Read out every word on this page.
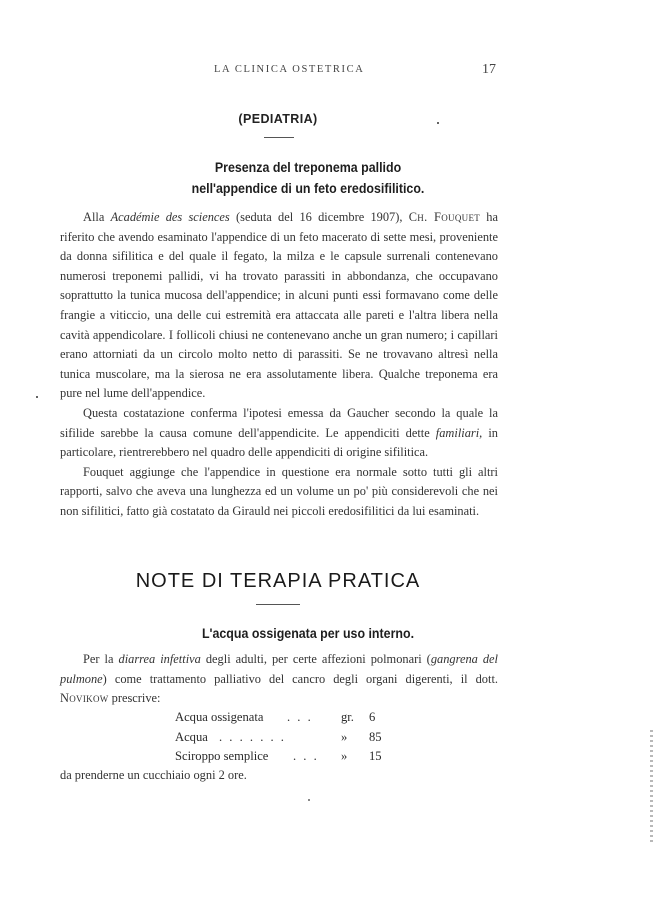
LA CLINICA OSTETRICA	17
(PEDIATRIA)
Presenza del treponema pallido
nell'appendice di un feto eredosifilitico.

Alla Académie des sciences (seduta del 16 dicembre 1907), Ch. Fouquet ha riferito che avendo esaminato l'appendice di un feto macerato di sette mesi, proveniente da donna sifilitica e del quale il fegato, la milza e le capsule surrenali contenevano numerosi treponemi pallidi, vi ha trovato parassiti in abbondanza, che occupavano soprattutto la tunica mucosa dell'appendice; in alcuni punti essi formavano come delle frangie a viticcio, una delle cui estremità era attaccata alle pareti e l'altra libera nella cavità appendicolare. I follicoli chiusi ne contenevano anche un gran numero; i capillari erano attorniati da un circolo molto netto di parassiti. Se ne trovavano altresì nella tunica muscolare, ma la sierosa ne era assolutamente libera. Qualche treponema era pure nel lume dell'appendice.

Questa costatazione conferma l'ipotesi emessa da Gaucher secondo la quale la sifilide sarebbe la causa comune dell'appendicite. Le appendiciti dette familiari, in particolare, rientrerebbero nel quadro delle appendiciti di origine sifilitica.

Fouquet aggiunge che l'appendice in questione era normale sotto tutti gli altri rapporti, salvo che aveva una lunghezza ed un volume un po' più considerevoli che nei non sifilitici, fatto già costatato da Girauld nei piccoli eredosifilitici da lui esaminati.

NOTE DI TERAPIA PRATICA
L'acqua ossigenata per uso interno.

Per la diarrea infettiva degli adulti, per certe affezioni polmonari (gangrena del pulmone) come trattamento palliativo del cancro degli organi digerenti, il dott. Novikow prescrive:

Acqua ossigenata . . . gr. 6
Acqua . . . . . . .	» 85
Sciroppo semplice . . . » 15
da prenderne un cucchiaio ogni 2 ore.
